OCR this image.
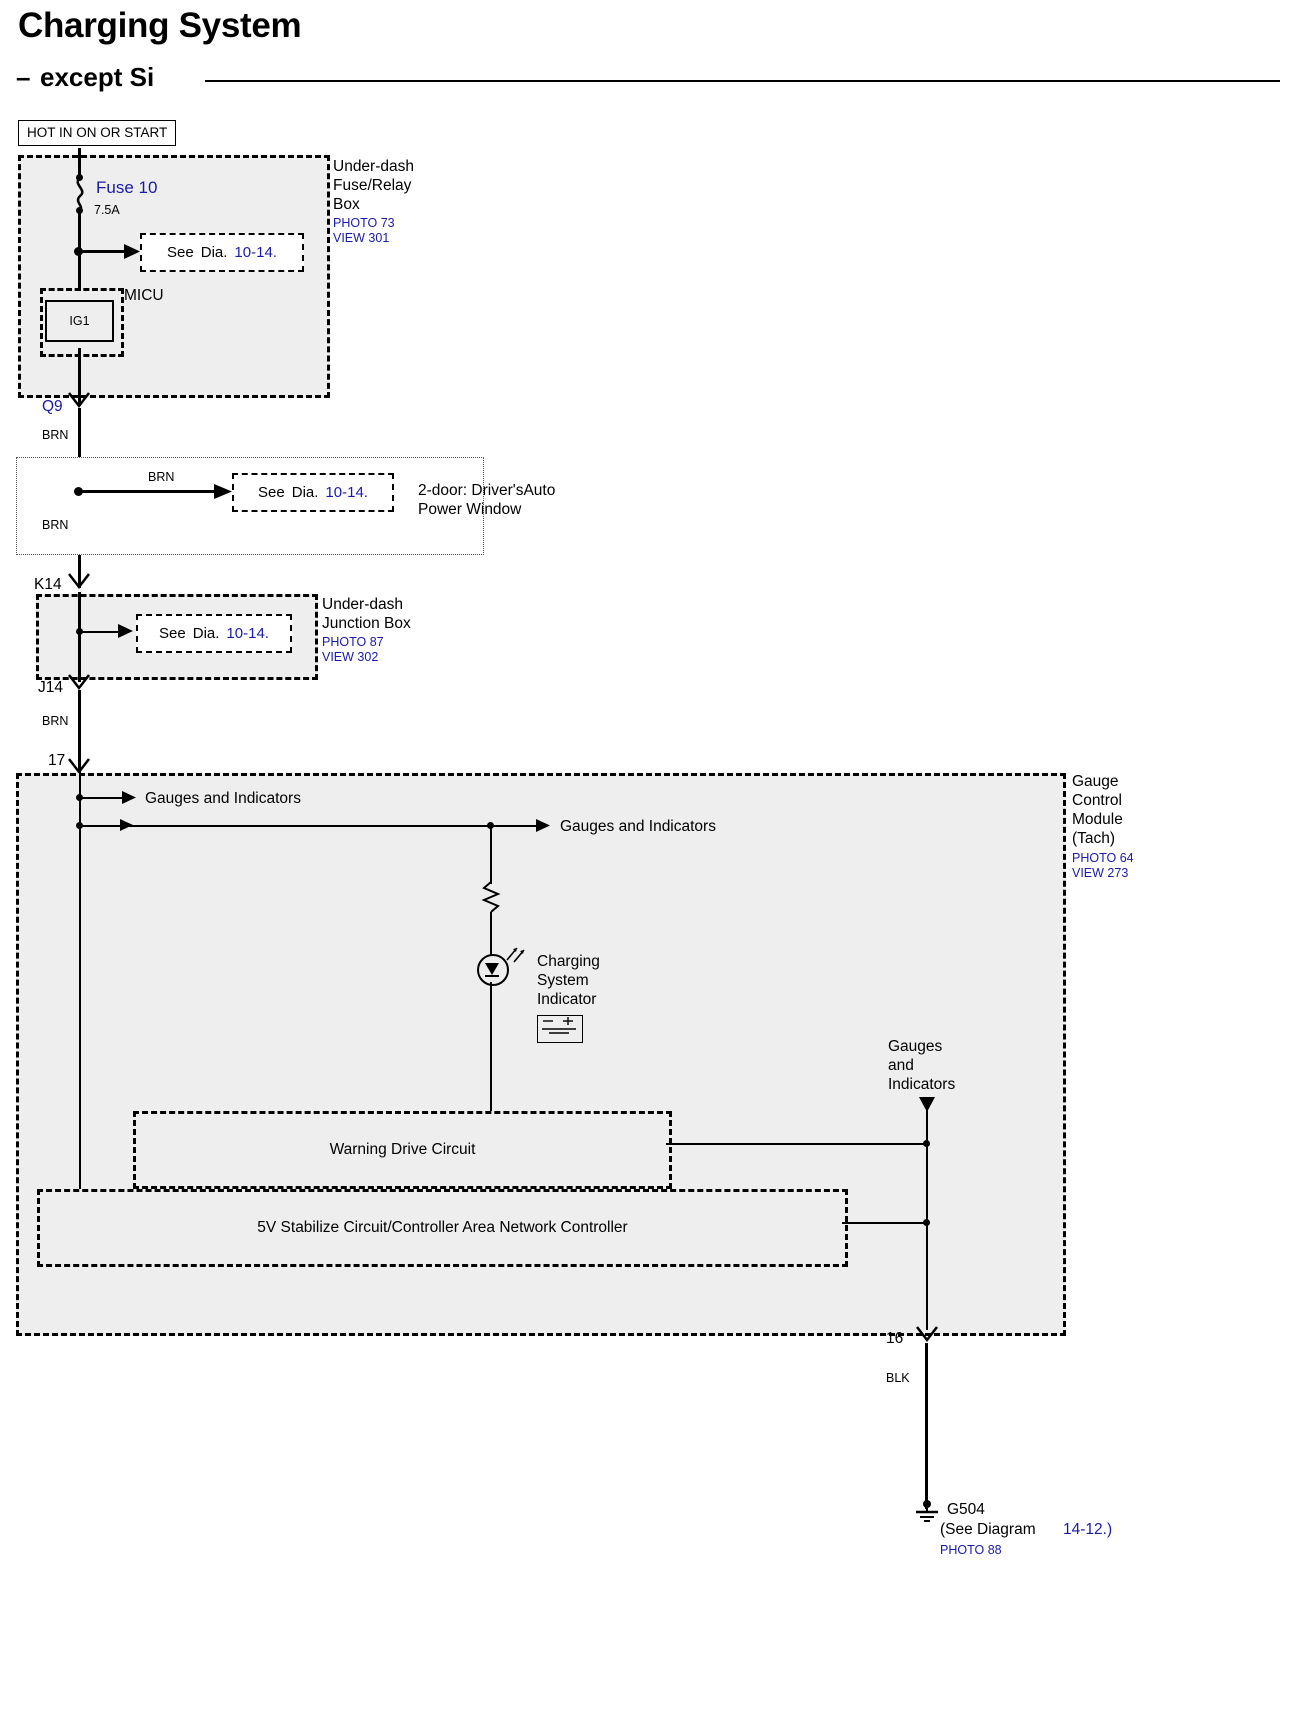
Charging System
– except Si
HOT IN ON OR START
Under-dash
Fuse/Relay
Box
PHOTO 73
VIEW 301
Fuse 10
7.5A
See Dia. 10-14.
IG1
MICU
Q9
BRN
BRN
See Dia. 10-14.	2-door: Driver'sAuto
Power Window
BRN
K14
Under-dash
Junction Box
PHOTO 87
VIEW 302
See Dia. 10-14.
J14
BRN
17
Gauge
Control
Module
(Tach)
PHOTO 64
VIEW 273
Gauges and Indicators
Gauges and Indicators
Charging
System
Indicator
Warning Drive Circuit
5V Stabilize Circuit/Controller Area Network Controller
Gauges
and
Indicators
16
BLK
G504
(See Diagram 14-12.)
PHOTO 88
